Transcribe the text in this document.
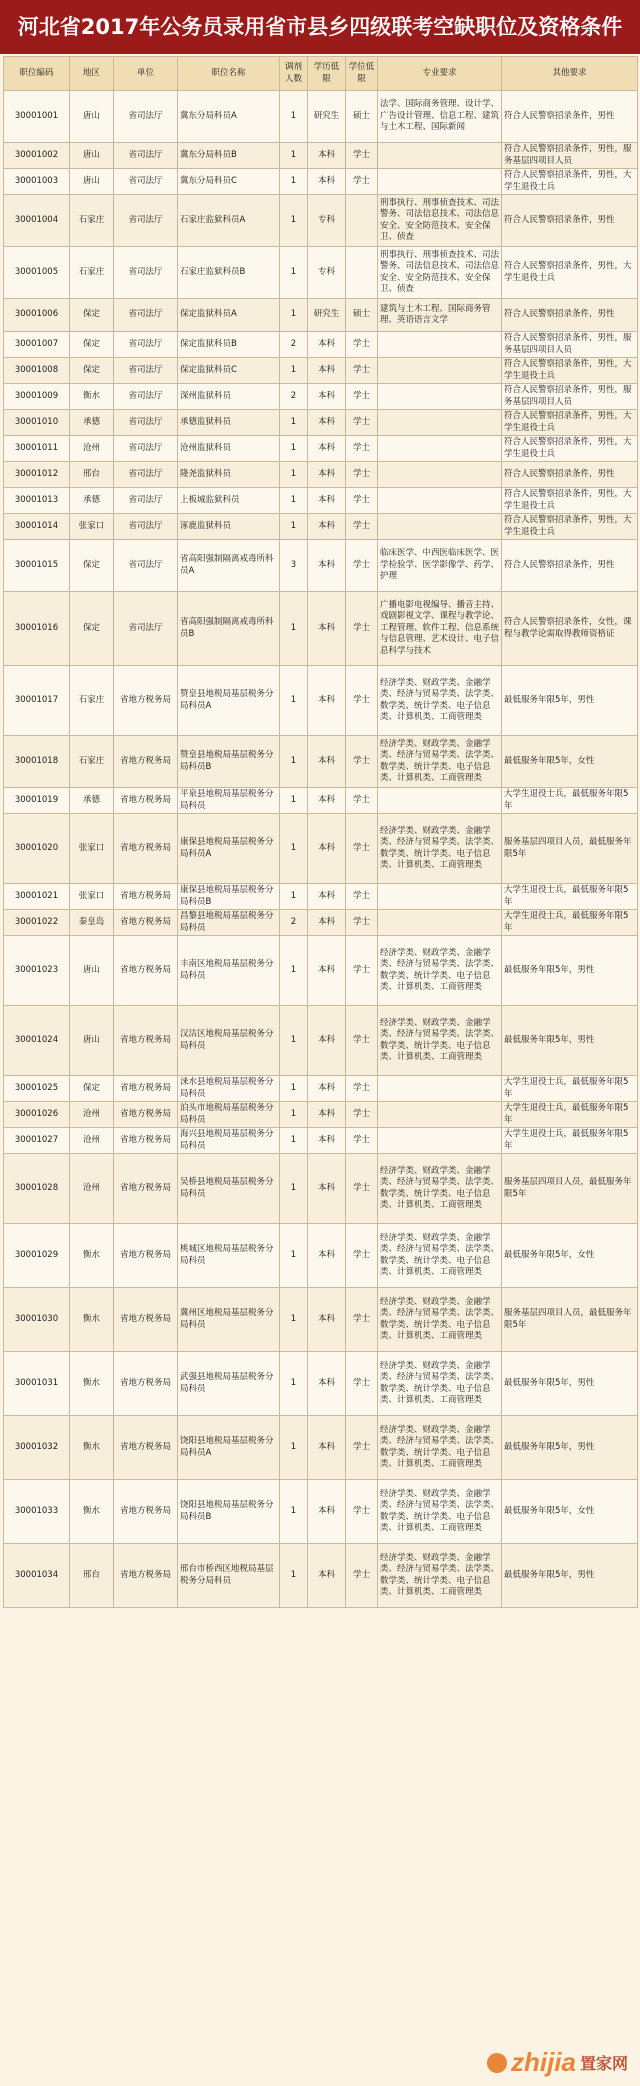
河北省2017年公务员录用省市县乡四级联考空缺职位及资格条件
职位编码	地区	单位	职位名称	调剂人数	学历低限	学位低限	专业要求	其他要求
30001001	唐山	省司法厅	冀东分局科员A	1	研究生	硕士	法学、国际商务管理、设计学、广告设计管理、信息工程、建筑与土木工程、国际新闻	符合人民警察招录条件，男性
30001002	唐山	省司法厅	冀东分局科员B	1	本科	学士		符合人民警察招录条件，男性，服务基层四项目人员
30001003	唐山	省司法厅	冀东分局科员C	1	本科	学士		符合人民警察招录条件，男性，大学生退役士兵
30001004	石家庄	省司法厅	石家庄监狱科员A	1	专科		刑事执行、刑事侦查技术、司法警务、司法信息技术、司法信息安全、安全防范技术、安全保卫、侦查	符合人民警察招录条件，男性
30001005	石家庄	省司法厅	石家庄监狱科员B	1	专科		刑事执行、刑事侦查技术、司法警务、司法信息技术、司法信息安全、安全防范技术、安全保卫、侦查	符合人民警察招录条件，男性，大学生退役士兵
30001006	保定	省司法厅	保定监狱科员A	1	研究生	硕士	建筑与土木工程、国际商务管理、英语语言文学	符合人民警察招录条件，男性
30001007	保定	省司法厅	保定监狱科员B	2	本科	学士		符合人民警察招录条件，男性，服务基层四项目人员
30001008	保定	省司法厅	保定监狱科员C	1	本科	学士		符合人民警察招录条件，男性，大学生退役士兵
30001009	衡水	省司法厅	深州监狱科员	2	本科	学士		符合人民警察招录条件，男性，服务基层四项目人员
30001010	承德	省司法厅	承德监狱科员	1	本科	学士		符合人民警察招录条件，男性，大学生退役士兵
30001011	沧州	省司法厅	沧州监狱科员	1	本科	学士		符合人民警察招录条件，男性，大学生退役士兵
30001012	邢台	省司法厅	隆尧监狱科员	1	本科	学士		符合人民警察招录条件，男性
30001013	承德	省司法厅	上板城监狱科员	1	本科	学士		符合人民警察招录条件，男性，大学生退役士兵
30001014	张家口	省司法厅	涿鹿监狱科员	1	本科	学士		符合人民警察招录条件，男性，大学生退役士兵
30001015	保定	省司法厅	省高阳强制隔离戒毒所科员A	3	本科	学士	临床医学、中西医临床医学、医学检验学、医学影像学、药学、护理	符合人民警察招录条件，男性
30001016	保定	省司法厅	省高阳强制隔离戒毒所科员B	1	本科	学士	广播电影电视编导、播音主持、戏剧影视文学、课程与教学论、工程管理、软件工程、信息系统与信息管理、艺术设计、电子信息科学与技术	符合人民警察招录条件，女性，课程与教学论需取得教师资格证
30001017	石家庄	省地方税务局	赞皇县地税局基层税务分局科员A	1	本科	学士	经济学类、财政学类、金融学类、经济与贸易学类、法学类、数学类、统计学类、电子信息类、计算机类、工商管理类	最低服务年限5年，男性
30001018	石家庄	省地方税务局	赞皇县地税局基层税务分局科员B	1	本科	学士	经济学类、财政学类、金融学类、经济与贸易学类、法学类、数学类、统计学类、电子信息类、计算机类、工商管理类	最低服务年限5年，女性
30001019	承德	省地方税务局	平泉县地税局基层税务分局科员	1	本科	学士		大学生退役士兵，最低服务年限5年
30001020	张家口	省地方税务局	康保县地税局基层税务分局科员A	1	本科	学士	经济学类、财政学类、金融学类、经济与贸易学类、法学类、数学类、统计学类、电子信息类、计算机类、工商管理类	服务基层四项目人员，最低服务年限5年
30001021	张家口	省地方税务局	康保县地税局基层税务分局科员B	1	本科	学士		大学生退役士兵，最低服务年限5年
30001022	秦皇岛	省地方税务局	昌黎县地税局基层税务分局科员	2	本科	学士		大学生退役士兵，最低服务年限5年
30001023	唐山	省地方税务局	丰南区地税局基层税务分局科员	1	本科	学士	经济学类、财政学类、金融学类、经济与贸易学类、法学类、数学类、统计学类、电子信息类、计算机类、工商管理类	最低服务年限5年，男性
30001024	唐山	省地方税务局	汉沽区地税局基层税务分局科员	1	本科	学士	经济学类、财政学类、金融学类、经济与贸易学类、法学类、数学类、统计学类、电子信息类、计算机类、工商管理类	最低服务年限5年，男性
30001025	保定	省地方税务局	涞水县地税局基层税务分局科员	1	本科	学士		大学生退役士兵，最低服务年限5年
30001026	沧州	省地方税务局	泊头市地税局基层税务分局科员	1	本科	学士		大学生退役士兵，最低服务年限5年
30001027	沧州	省地方税务局	海兴县地税局基层税务分局科员	1	本科	学士		大学生退役士兵，最低服务年限5年
30001028	沧州	省地方税务局	吴桥县地税局基层税务分局科员	1	本科	学士	经济学类、财政学类、金融学类、经济与贸易学类、法学类、数学类、统计学类、电子信息类、计算机类、工商管理类	服务基层四项目人员，最低服务年限5年
30001029	衡水	省地方税务局	桃城区地税局基层税务分局科员	1	本科	学士	经济学类、财政学类、金融学类、经济与贸易学类、法学类、数学类、统计学类、电子信息类、计算机类、工商管理类	最低服务年限5年，女性
30001030	衡水	省地方税务局	冀州区地税局基层税务分局科员	1	本科	学士	经济学类、财政学类、金融学类、经济与贸易学类、法学类、数学类、统计学类、电子信息类、计算机类、工商管理类	服务基层四项目人员，最低服务年限5年
30001031	衡水	省地方税务局	武强县地税局基层税务分局科员	1	本科	学士	经济学类、财政学类、金融学类、经济与贸易学类、法学类、数学类、统计学类、电子信息类、计算机类、工商管理类	最低服务年限5年，男性
30001032	衡水	省地方税务局	饶阳县地税局基层税务分局科员A	1	本科	学士	经济学类、财政学类、金融学类、经济与贸易学类、法学类、数学类、统计学类、电子信息类、计算机类、工商管理类	最低服务年限5年，男性
30001033	衡水	省地方税务局	饶阳县地税局基层税务分局科员B	1	本科	学士	经济学类、财政学类、金融学类、经济与贸易学类、法学类、数学类、统计学类、电子信息类、计算机类、工商管理类	最低服务年限5年，女性
30001034	邢台	省地方税务局	邢台市桥西区地税局基层税务分局科员	1	本科	学士	经济学类、财政学类、金融学类、经济与贸易学类、法学类、数学类、统计学类、电子信息类、计算机类、工商管理类	最低服务年限5年，男性
zhijia 置家网
